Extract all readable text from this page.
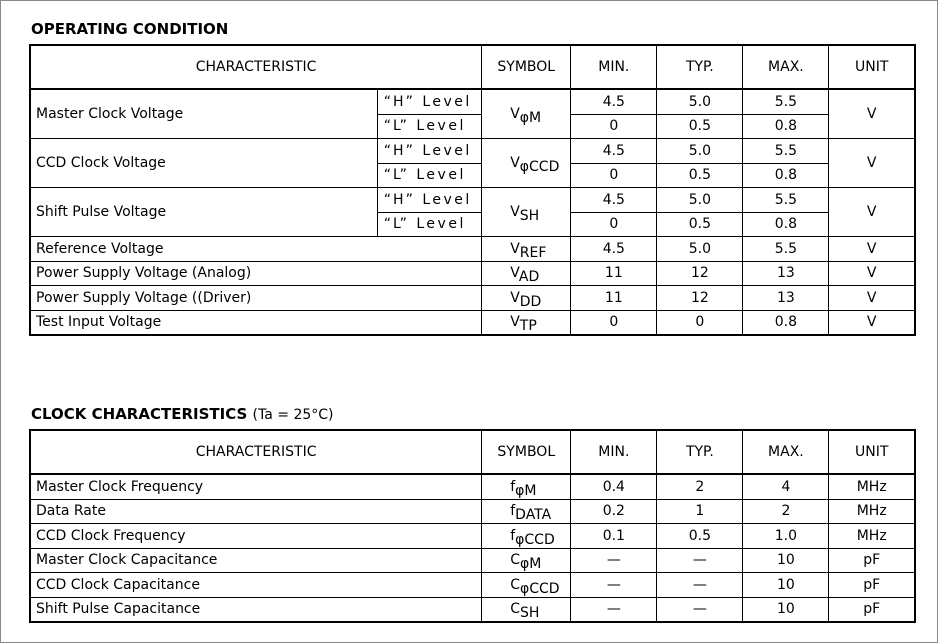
OPERATING CONDITION
CHARACTERISTIC		SYMBOL	MIN.	TYP.	MAX.	UNIT
Master Clock Voltage	“H” Level	VφM	4.5	5.0	5.5	V
	“L” Level		0	0.5	0.8	
CCD Clock Voltage	“H” Level	VφCCD	4.5	5.0	5.5	V
	“L” Level		0	0.5	0.8	
Shift Pulse Voltage	“H” Level	VSH	4.5	5.0	5.5	V
	“L” Level		0	0.5	0.8	
Reference Voltage		VREF	4.5	5.0	5.5	V
Power Supply Voltage (Analog)		VAD	11	12	13	V
Power Supply Voltage ((Driver)		VDD	11	12	13	V
Test Input Voltage		VTP	0	0	0.8	V
CLOCK CHARACTERISTICS (Ta = 25°C)
CHARACTERISTIC	SYMBOL	MIN.	TYP.	MAX.	UNIT
Master Clock Frequency	fφM	0.4	2	4	MHz
Data Rate	fDATA	0.2	1	2	MHz
CCD Clock Frequency	fφCCD	0.1	0.5	1.0	MHz
Master Clock Capacitance	CφM	—	—	10	pF
CCD Clock Capacitance	CφCCD	—	—	10	pF
Shift Pulse Capacitance	CSH	—	—	10	pF
